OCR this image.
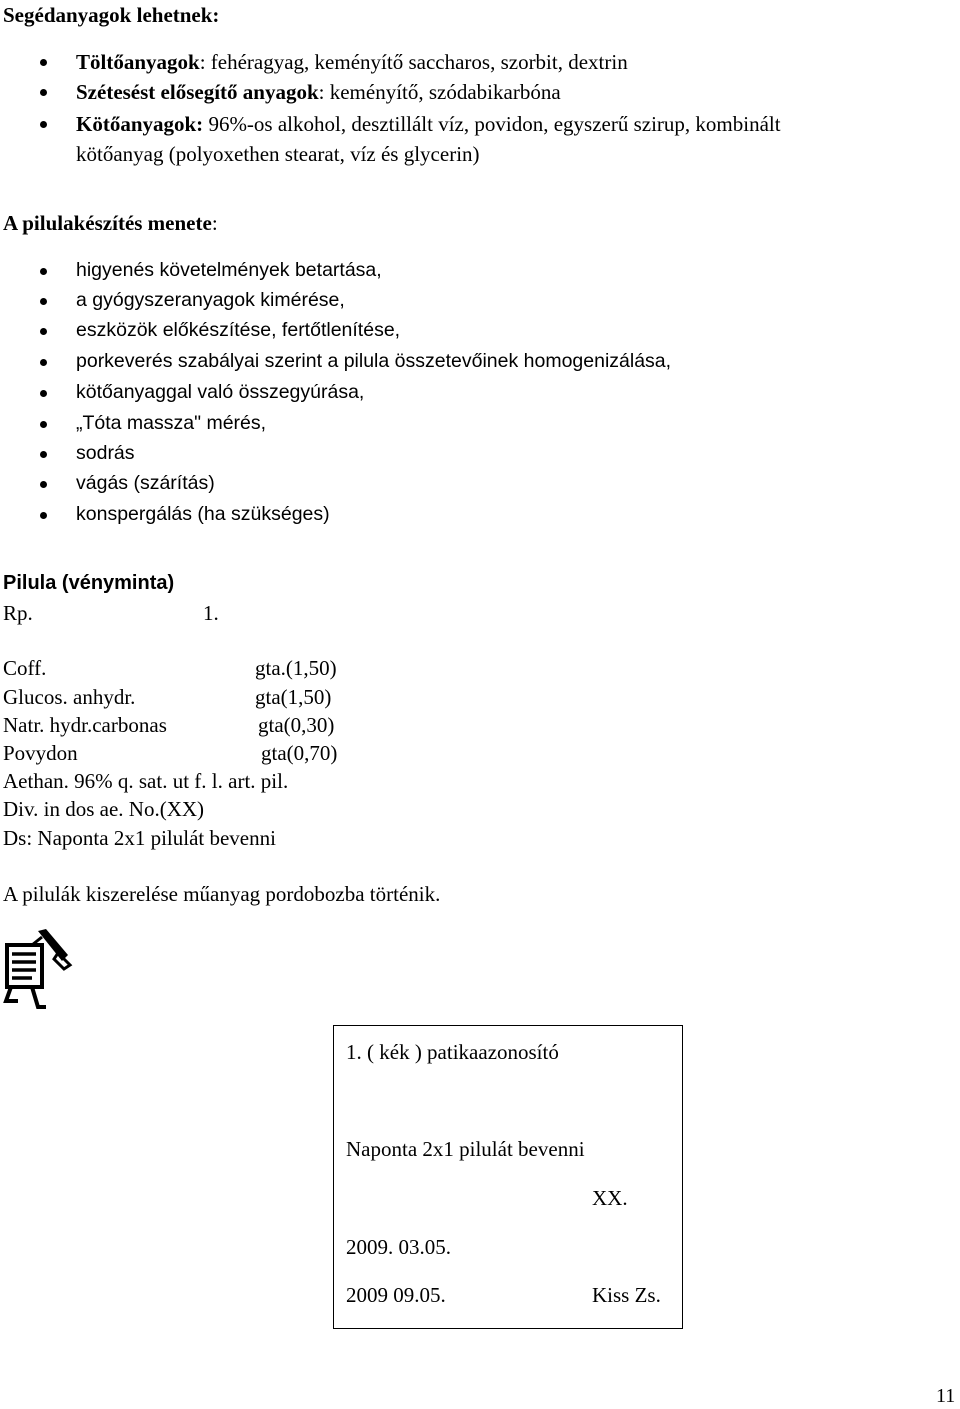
Segédanyagok lehetnek:
Töltőanyagok: fehéragyag, keményítő saccharos, szorbit, dextrin
Szétesést elősegítő anyagok: keményítő, szódabikarbóna
Kötőanyagok: 96%-os alkohol, desztillált víz, povidon, egyszerű szirup, kombinált
kötőanyag (polyoxethen stearat, víz és glycerin)
A pilulakészítés menete:
higyenés követelmények betartása,
a gyógyszeranyagok kimérése,
eszközök előkészítése, fertőtlenítése,
porkeverés szabályai szerint a pilula összetevőinek homogenizálása,
kötőanyaggal való összegyúrása,
„Tóta massza" mérés,
sodrás
vágás (szárítás)
konspergálás (ha szükséges)
Pilula (vényminta)
Rp.	1.
Coff.	gta.(1,50)
Glucos. anhydr.	gta(1,50)
Natr. hydr.carbonas	gta(0,30)
Povydon	gta(0,70)
Aethan. 96% q. sat. ut f. l. art. pil.
Div. in dos ae. No.(XX)
Ds: Naponta 2x1 pilulát bevenni
A pilulák kiszerelése műanyag pordobozba történik.
1. ( kék ) patikaazonosító
Naponta 2x1 pilulát bevenni
XX.
2009. 03.05.
2009 09.05.	Kiss Zs.
11
